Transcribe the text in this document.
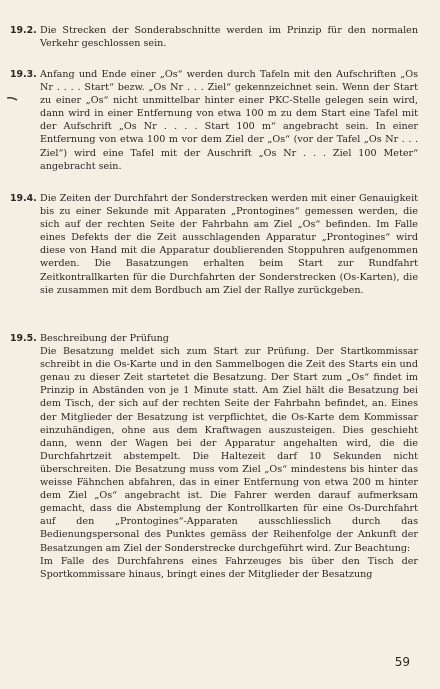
19.2. Die Strecken der Sonderabschnitte werden im Prinzip für den normalen Verkehr geschlossen sein.

19.3. Anfang und Ende einer „Os“ werden durch Tafeln mit den Aufschriften „Os Nr . . . . Start“ bezw. „Os Nr . . . Ziel“ gekennzeichnet sein. Wenn der Start zu einer „Os“ nicht unmittelbar hinter einer PKC-Stelle gelegen sein wird, dann wird in einer Entfernung von etwa 100 m zu dem Start eine Tafel mit der Aufschrift „Os Nr . . . . Start 100 m“ angebracht sein. In einer Entfernung von etwa 100 m vor dem Ziel der „Os“ (vor der Tafel „Os Nr . . . Ziel“) wird eine Tafel mit der Auschrift „Os Nr . . . Ziel 100 Meter“ angebracht sein.

19.4. Die Zeiten der Durchfahrt der Sonderstrecken werden mit einer Genauigkeit bis zu einer Sekunde mit Apparaten „Prontogines“ gemessen werden, die sich auf der rechten Seite der Fahrbahn am Ziel „Os“ befinden. Im Falle eines Defekts der die Zeit ausschlagenden Apparatur „Prontogines“ wird diese von Hand mit die Apparatur doublierenden Stoppuhren aufgenommen werden. Die Basatzungen erhalten beim Start zur Rundfahrt Zeitkontrallkarten für die Durchfahrten der Sonderstrecken (Os-Karten), die sie zusammen mit dem Bordbuch am Ziel der Rallye zurückgeben.

19.5. Beschreibung der Prüfung

Die Besatzung meldet sich zum Start zur Prüfung. Der Startkommissar schreibt in die Os-Karte und in den Sammelbogen die Zeit des Starts ein und genau zu dieser Zeit startetet die Besatzung. Der Start zum „Os“ findet im Prinzip in Abständen von je 1 Minute statt. Am Ziel hält die Besatzung bei dem Tisch, der sich auf der rechten Seite der Fahrbahn befindet, an. Eines der Mitglieder der Besatzung ist verpflichtet, die Os-Karte dem Kommissar einzuhändigen, ohne aus dem Kraftwagen auszusteigen. Dies geschieht dann, wenn der Wagen bei der Apparatur angehalten wird, die die Durchfahrtzeit abstempelt. Die Haltezeit darf 10 Sekunden nicht überschreiten. Die Besatzung muss vom Ziel „Os“ mindestens bis hinter das weisse Fähnchen abfahren, das in einer Entfernung von etwa 200 m hinter dem Ziel „Os“ angebracht ist. Die Fahrer werden darauf aufmerksam gemacht, dass die Abstemplung der Kontrollkarten für eine Os-Durchfahrt auf den „Prontogines“-Apparaten ausschliesslich durch das Bedienungspersonal des Punktes gemäss der Reihenfolge der Ankunft der Besatzungen am Ziel der Sonderstrecke durchgeführt wird. Zur Beachtung:

Im Falle des Durchfahrens eines Fahrzeuges bis über den Tisch der Sportkommissare hinaus, bringt eines der Mitglieder der Besatzung

59
